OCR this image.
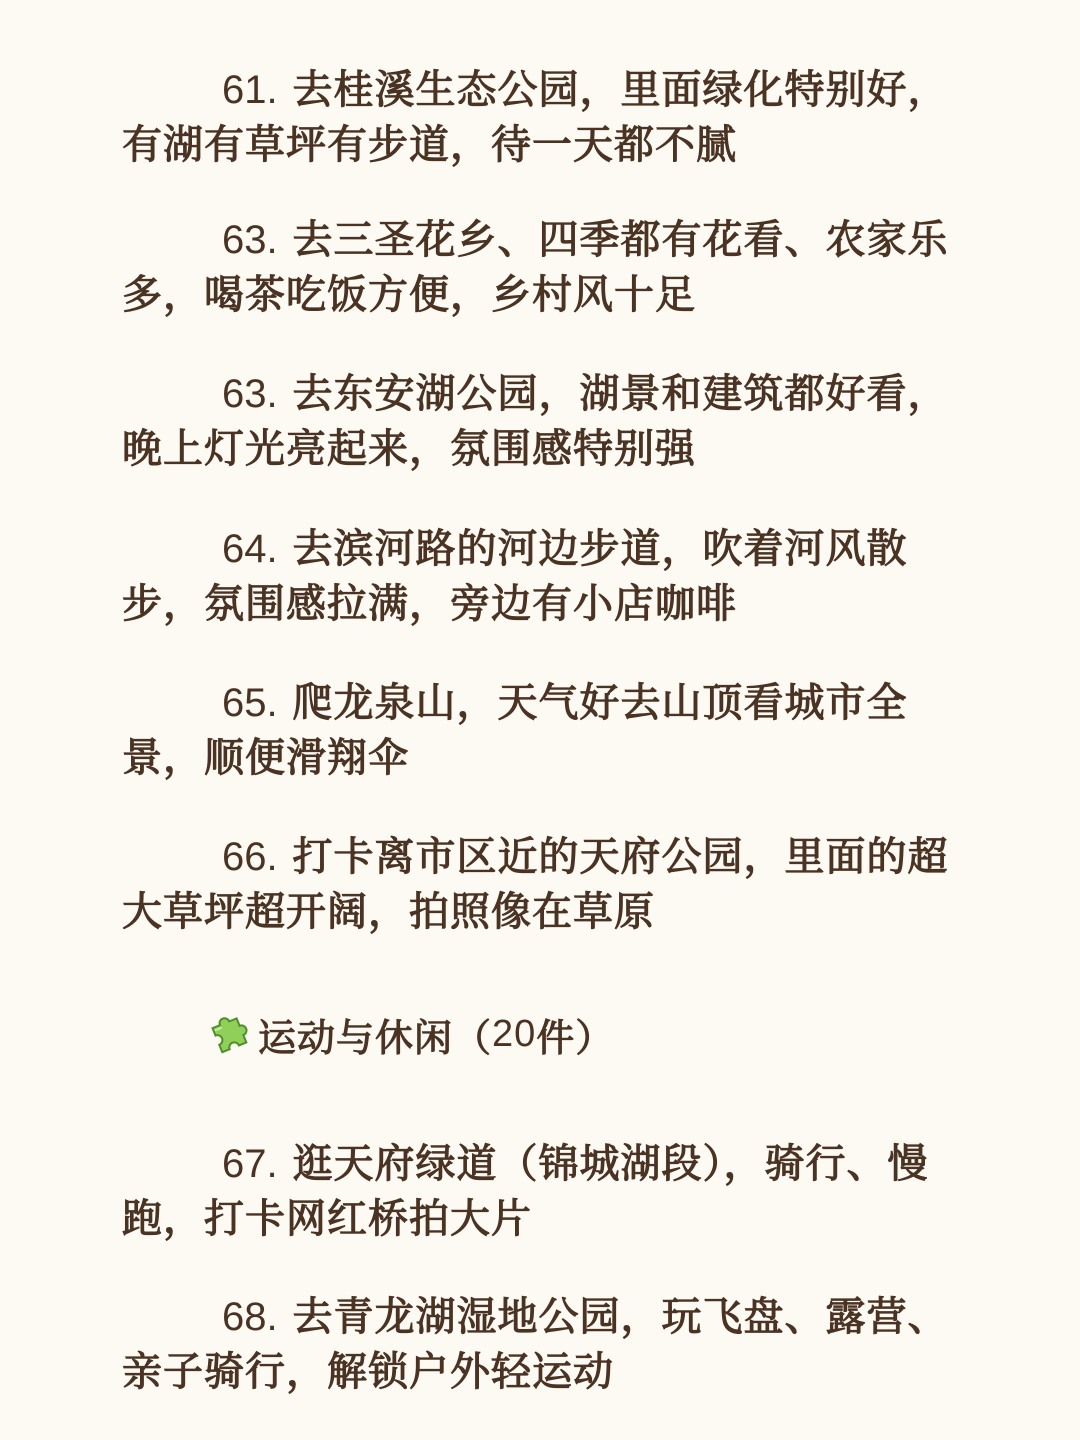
61. 去桂溪生态公园，里面绿化特别好，有湖有草坪有步道，待一天都不腻
63. 去三圣花乡、四季都有花看、农家乐多，喝茶吃饭方便，乡村风十足
63. 去东安湖公园，湖景和建筑都好看，晚上灯光亮起来，氛围感特别强
64. 去滨河路的河边步道，吹着河风散步，氛围感拉满，旁边有小店咖啡
65. 爬龙泉山，天气好去山顶看城市全景，顺便滑翔伞
66. 打卡离市区近的天府公园，里面的超大草坪超开阔，拍照像在草原
运动与休闲（ 20 件）
67. 逛天府绿道（锦城湖段），骑行、慢跑，打卡网红桥拍大片
68. 去青龙湖湿地公园，玩飞盘、露营、亲子骑行，解锁户外轻运动
